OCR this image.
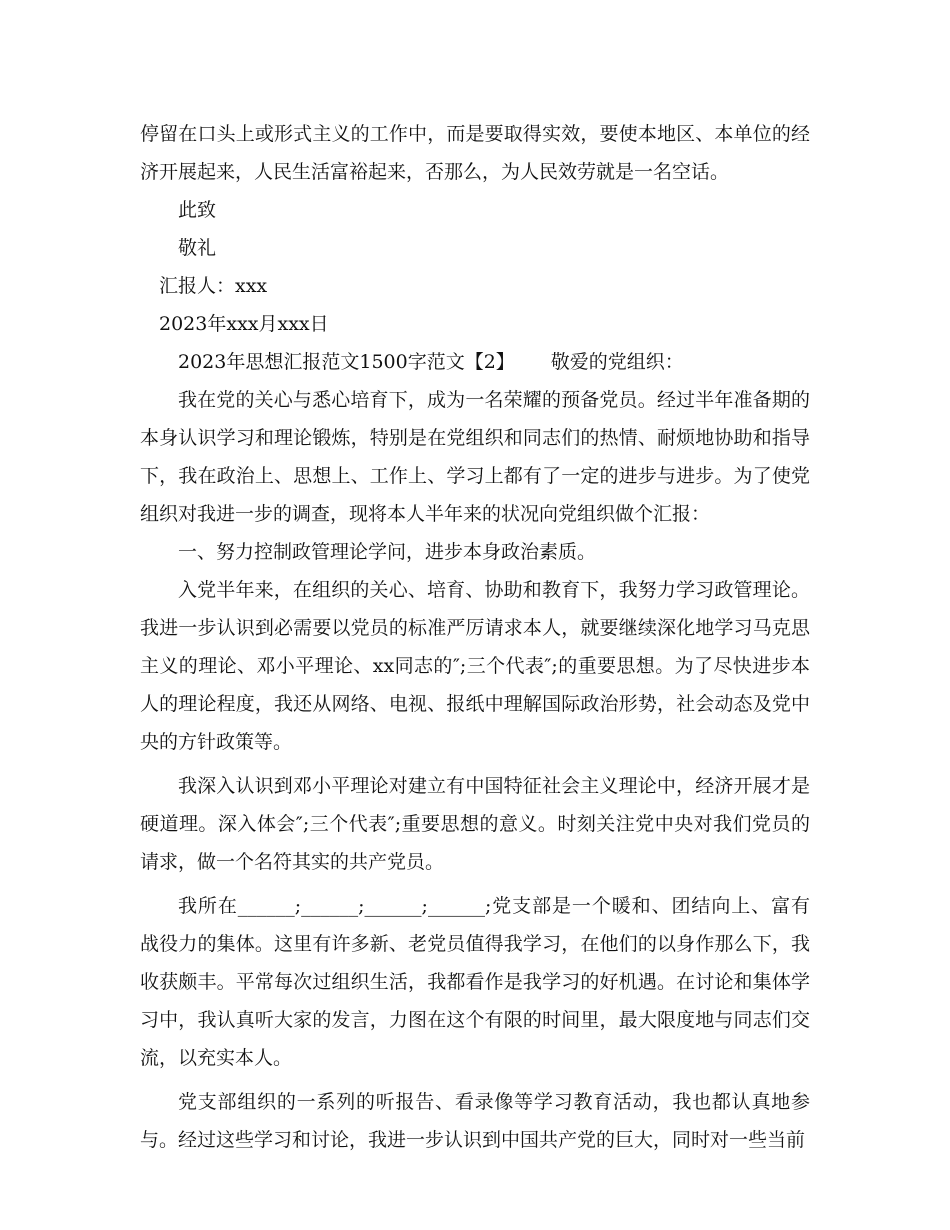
停留在口头上或形式主义的工作中，而是要取得实效，要使本地区、本单位的经济开展起来，人民生活富裕起来，否那么，为人民效劳就是一名空话。

此致

敬礼

汇报人：xxx

2023年xxx月xxx日

2023年思想汇报范文1500字范文【2】 敬爱的党组织：

我在党的关心与悉心培育下，成为一名荣耀的预备党员。经过半年准备期的本身认识学习和理论锻炼，特别是在党组织和同志们的热情、耐烦地协助和指导下，我在政治上、思想上、工作上、学习上都有了一定的进步与进步。为了使党组织对我进一步的调查，现将本人半年来的状况向党组织做个汇报：

一、努力控制政管理论学问，进步本身政治素质。

入党半年来，在组织的关心、培育、协助和教育下，我努力学习政管理论。我进一步认识到必需要以党员的标准严厉请求本人，就要继续深化地学习马克思主义的理论、邓小平理论、xx同志的″;三个代表″;的重要思想。为了尽快进步本人的理论程度，我还从网络、电视、报纸中理解国际政治形势，社会动态及党中央的方针政策等。

我深入认识到邓小平理论对建立有中国特征社会主义理论中，经济开展才是硬道理。深入体会″;三个代表″;重要思想的意义。时刻关注党中央对我们党员的请求，做一个名符其实的共产党员。

我所在______;______;______;______;党支部是一个暖和、团结向上、富有战役力的集体。这里有许多新、老党员值得我学习，在他们的以身作那么下，我收获颇丰。平常每次过组织生活，我都看作是我学习的好机遇。在讨论和集体学习中，我认真听大家的发言，力图在这个有限的时间里，最大限度地与同志们交流，以充实本人。

党支部组织的一系列的听报告、看录像等学习教育活动，我也都认真地参与。经过这些学习和讨论，我进一步认识到中国共产党的巨大，同时对一些当前
